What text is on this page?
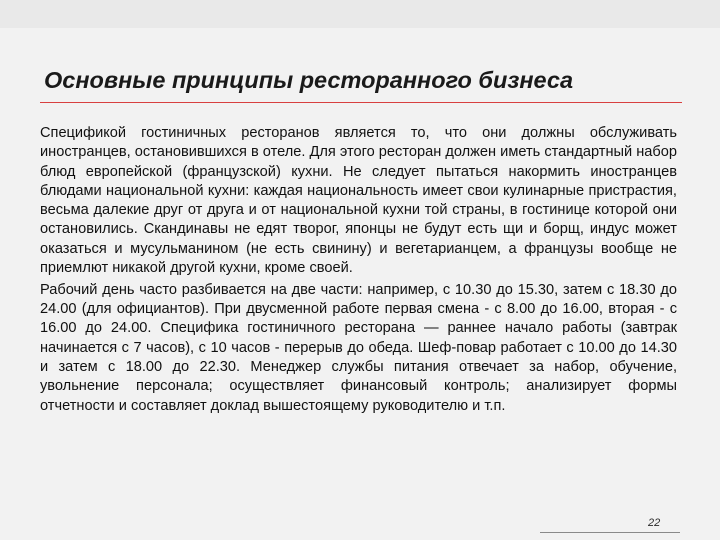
Основные принципы ресторанного бизнеса

Спецификой гостиничных ресторанов является то, что они должны обслуживать иностранцев, остановившихся в отеле. Для этого ресторан должен иметь стандартный набор блюд европейской (французской) кухни. Не следует пытаться накормить иностранцев блюдами национальной кухни: каждая национальность имеет свои кулинарные пристрастия, весьма далекие друг от друга и от национальной кухни той страны, в гостинице которой они остановились. Скандинавы не едят творог, японцы не будут есть щи и борщ, индус может оказаться и мусульманином (не есть свинину) и вегетарианцем, а французы вообще не приемлют никакой другой кухни, кроме своей.

Рабочий день часто разбивается на две части: например, с 10.30 до 15.30, затем с 18.30 до 24.00 (для официантов). При двусменной работе первая смена - с 8.00 до 16.00, вторая - с 16.00 до 24.00. Специфика гостиничного ресторана — раннее начало работы (завтрак начинается с 7 часов), с 10 часов - перерыв до обеда. Шеф-повар работает с 10.00 до 14.30 и затем с 18.00 до 22.30. Менеджер службы питания отвечает за набор, обучение, увольнение персонала; осуществляет финансовый контроль; анализирует формы отчетности и составляет доклад вышестоящему руководителю и т.п.

22
